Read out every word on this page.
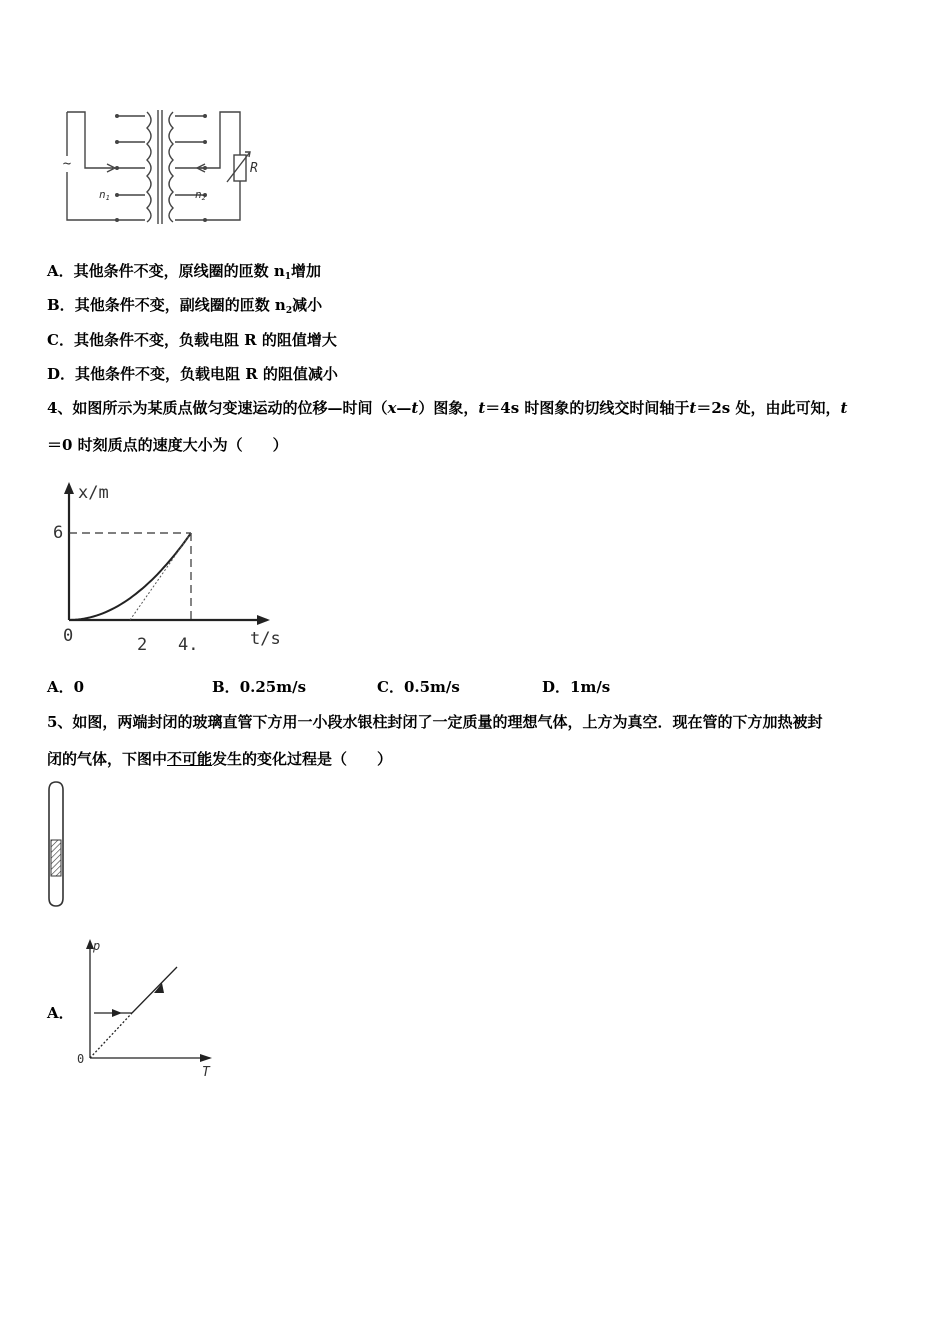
~
n1	n2
R
A．其他条件不变，原线圈的匝数 $n_1$增加
B．其他条件不变，副线圈的匝数 $n_2$减小
C．其他条件不变，负载电阻 R 的阻值增大
D．其他条件不变，负载电阻 R 的阻值减小
4、如图所示为某质点做匀变速运动的位移—时间（x—t）图象，t＝4s 时图象的切线交时间轴于t＝2s 处，由此可知，t
＝0 时刻质点的速度大小为（　　）
x/m
6
0	2 4.	t/s
A．0	B．0.25m/s	C．0.5m/s	D．1m/s
5、如图，两端封闭的玻璃直管下方用一小段水银柱封闭了一定质量的理想气体，上方为真空．现在管的下方加热被封
闭的气体，下图中不可能发生的变化过程是（　　）
A．
p
T
0
